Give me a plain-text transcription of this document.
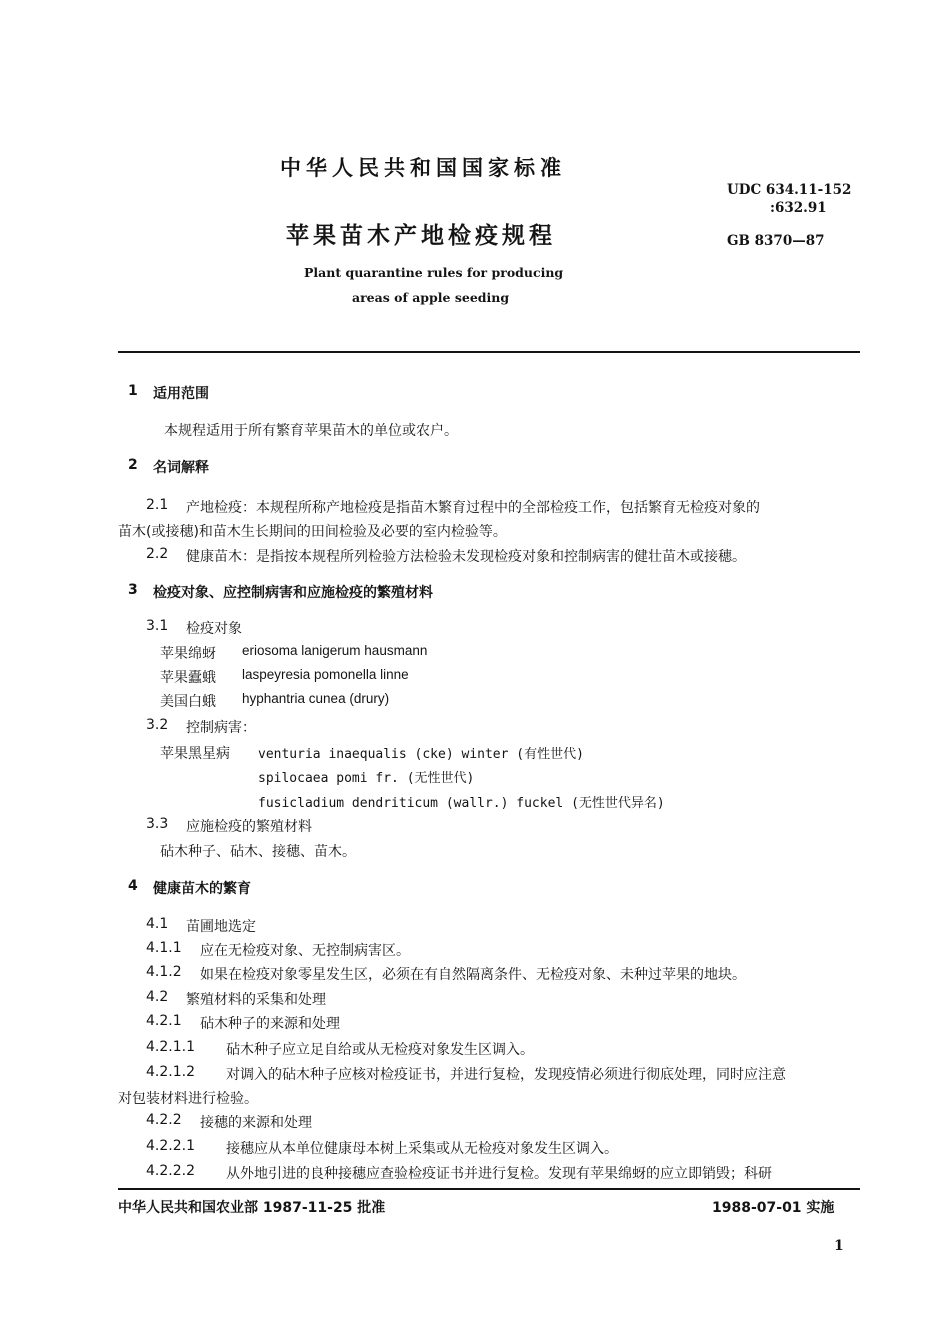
中华人民共和国国家标准
UDC 634.11-152
:632.91
苹果苗木产地检疫规程	GB 8370—87
Plant quarantine rules for producing
areas of apple seeding
1 适用范围
本规程适用于所有繁育苹果苗木的单位或农户。
2 名词解释
2.1 产地检疫：本规程所称产地检疫是指苗木繁育过程中的全部检疫工作，包括繁育无检疫对象的
苗木(或接穗)和苗木生长期间的田间检验及必要的室内检验等。
2.2 健康苗木：是指按本规程所列检验方法检验未发现检疫对象和控制病害的健壮苗木或接穗。
3 检疫对象、应控制病害和应施检疫的繁殖材料
3.1 检疫对象
苹果绵蚜 eriosoma lanigerum hausmann
苹果蠹蛾 laspeyresia pomonella linne
美国白蛾 hyphantria cunea (drury)
3.2 控制病害：
苹果黑星病 venturia inaequalis (cke) winter (有性世代)
spilocaea pomi fr. (无性世代)
fusicladium dendriticum (wallr.) fuckel (无性世代异名)
3.3 应施检疫的繁殖材料
砧木种子、砧木、接穗、苗木。
4 健康苗木的繁育
4.1 苗圃地选定
4.1.1 应在无检疫对象、无控制病害区。
4.1.2 如果在检疫对象零星发生区，必须在有自然隔离条件、无检疫对象、未种过苹果的地块。
4.2 繁殖材料的采集和处理
4.2.1 砧木种子的来源和处理
4.2.1.1 砧木种子应立足自给或从无检疫对象发生区调入。
4.2.1.2 对调入的砧木种子应核对检疫证书，并进行复检，发现疫情必须进行彻底处理，同时应注意
对包装材料进行检验。
4.2.2 接穗的来源和处理
4.2.2.1 接穗应从本单位健康母本树上采集或从无检疫对象发生区调入。
4.2.2.2 从外地引进的良种接穗应查验检疫证书并进行复检。发现有苹果绵蚜的应立即销毁；科研
中华人民共和国农业部 1987-11-25 批准	1988-07-01 实施
1
